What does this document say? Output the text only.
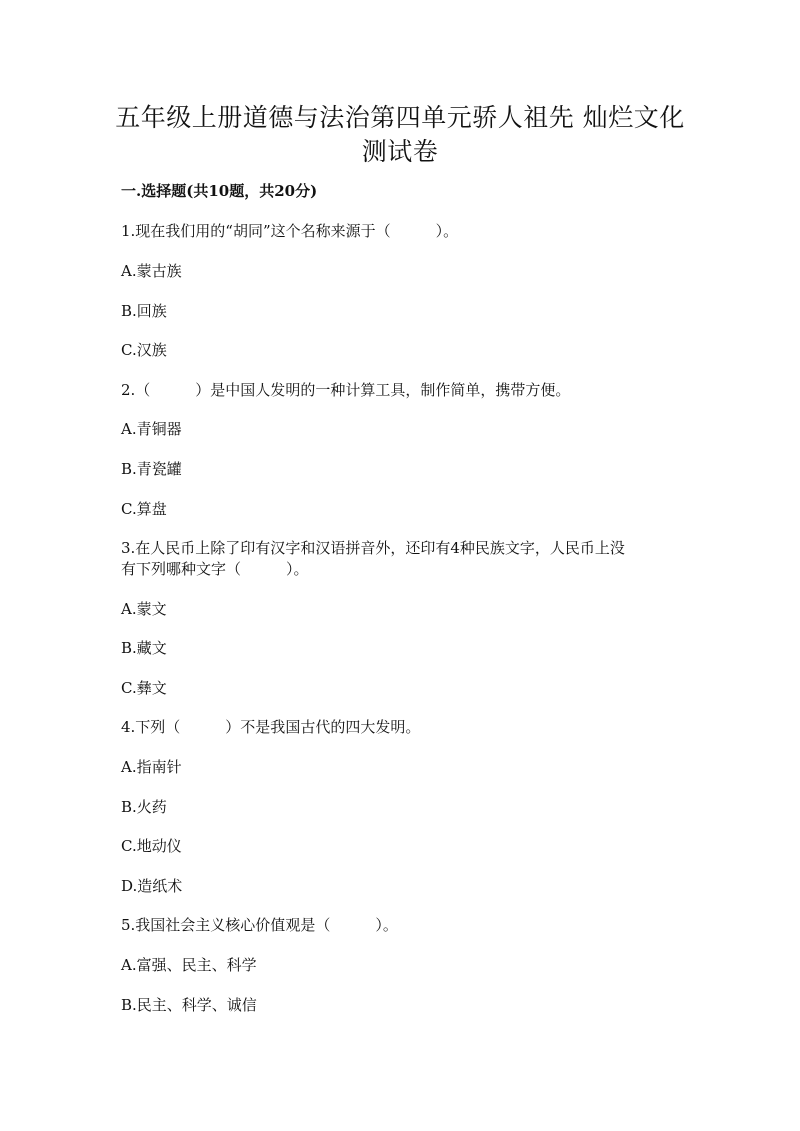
五年级上册道德与法治第四单元骄人祖先 灿烂文化
测试卷

一.选择题(共10题，共20分)

1.现在我们用的“胡同”这个名称来源于（　　　）。

A.蒙古族

B.回族

C.汉族

2.（　　　）是中国人发明的一种计算工具，制作简单，携带方便。

A.青铜器

B.青瓷罐

C.算盘

3.在人民币上除了印有汉字和汉语拼音外，还印有4种民族文字，人民币上没

有下列哪种文字（　　　）。

A.蒙文

B.藏文

C.彝文

4.下列（　　　）不是我国古代的四大发明。

A.指南针

B.火药

C.地动仪

D.造纸术

5.我国社会主义核心价值观是（　　　）。

A.富强、民主、科学

B.民主、科学、诚信
